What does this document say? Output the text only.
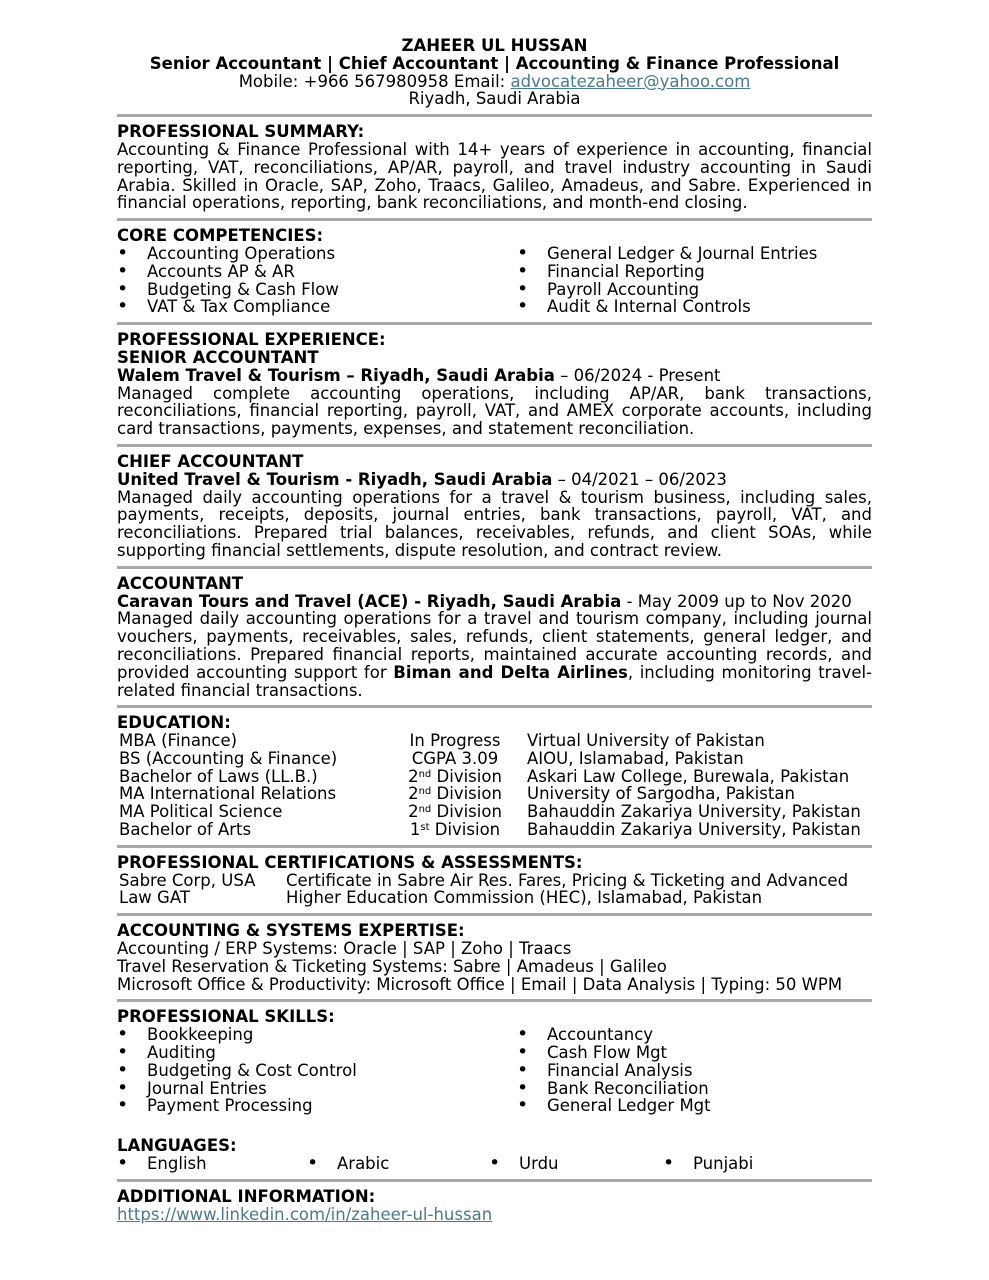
ZAHEER UL HUSSAN
Senior Accountant | Chief Accountant | Accounting & Finance Professional
Mobile: +966 567980958 Email: advocatezaheer@yahoo.com
Riyadh, Saudi Arabia
PROFESSIONAL SUMMARY:
Accounting & Finance Professional with 14+ years of experience in accounting, financial reporting, VAT, reconciliations, AP/AR, payroll, and travel industry accounting in Saudi Arabia. Skilled in Oracle, SAP, Zoho, Traacs, Galileo, Amadeus, and Sabre. Experienced in financial operations, reporting, bank reconciliations, and month-end closing.
CORE COMPETENCIES:
• Accounting Operations
• Accounts AP & AR
• Budgeting & Cash Flow
• VAT & Tax Compliance
• General Ledger & Journal Entries
• Financial Reporting
• Payroll Accounting
• Audit & Internal Controls
PROFESSIONAL EXPERIENCE:
SENIOR ACCOUNTANT
Walem Travel & Tourism – Riyadh, Saudi Arabia – 06/2024 - Present
Managed complete accounting operations, including AP/AR, bank transactions, reconciliations, financial reporting, payroll, VAT, and AMEX corporate accounts, including card transactions, payments, expenses, and statement reconciliation.
CHIEF ACCOUNTANT
United Travel & Tourism - Riyadh, Saudi Arabia – 04/2021 – 06/2023
Managed daily accounting operations for a travel & tourism business, including sales, payments, receipts, deposits, journal entries, bank transactions, payroll, VAT, and reconciliations. Prepared trial balances, receivables, refunds, and client SOAs, while supporting financial settlements, dispute resolution, and contract review.
ACCOUNTANT
Caravan Tours and Travel (ACE) - Riyadh, Saudi Arabia - May 2009 up to Nov 2020
Managed daily accounting operations for a travel and tourism company, including journal vouchers, payments, receivables, sales, refunds, client statements, general ledger, and reconciliations. Prepared financial reports, maintained accurate accounting records, and provided accounting support for Biman and Delta Airlines, including monitoring travel-related financial transactions.
EDUCATION:
MBA (Finance)	In Progress	Virtual University of Pakistan
BS (Accounting & Finance)	CGPA 3.09	AIOU, Islamabad, Pakistan
Bachelor of Laws (LL.B.)	2nd Division	Askari Law College, Burewala, Pakistan
MA International Relations	2nd Division	University of Sargodha, Pakistan
MA Political Science	2nd Division	Bahauddin Zakariya University, Pakistan
Bachelor of Arts	1st Division	Bahauddin Zakariya University, Pakistan
PROFESSIONAL CERTIFICATIONS & ASSESSMENTS:
Sabre Corp, USA	Certificate in Sabre Air Res. Fares, Pricing & Ticketing and Advanced
Law GAT	Higher Education Commission (HEC), Islamabad, Pakistan
ACCOUNTING & SYSTEMS EXPERTISE:
Accounting / ERP Systems: Oracle | SAP | Zoho | Traacs
Travel Reservation & Ticketing Systems: Sabre | Amadeus | Galileo
Microsoft Office & Productivity: Microsoft Office | Email | Data Analysis | Typing: 50 WPM
PROFESSIONAL SKILLS:
• Bookkeeping
• Auditing
• Budgeting & Cost Control
• Journal Entries
• Payment Processing
• Accountancy
• Cash Flow Mgt
• Financial Analysis
• Bank Reconciliation
• General Ledger Mgt
LANGUAGES:
• English	• Arabic	• Urdu	• Punjabi
ADDITIONAL INFORMATION:
https://www.linkedin.com/in/zaheer-ul-hussan
